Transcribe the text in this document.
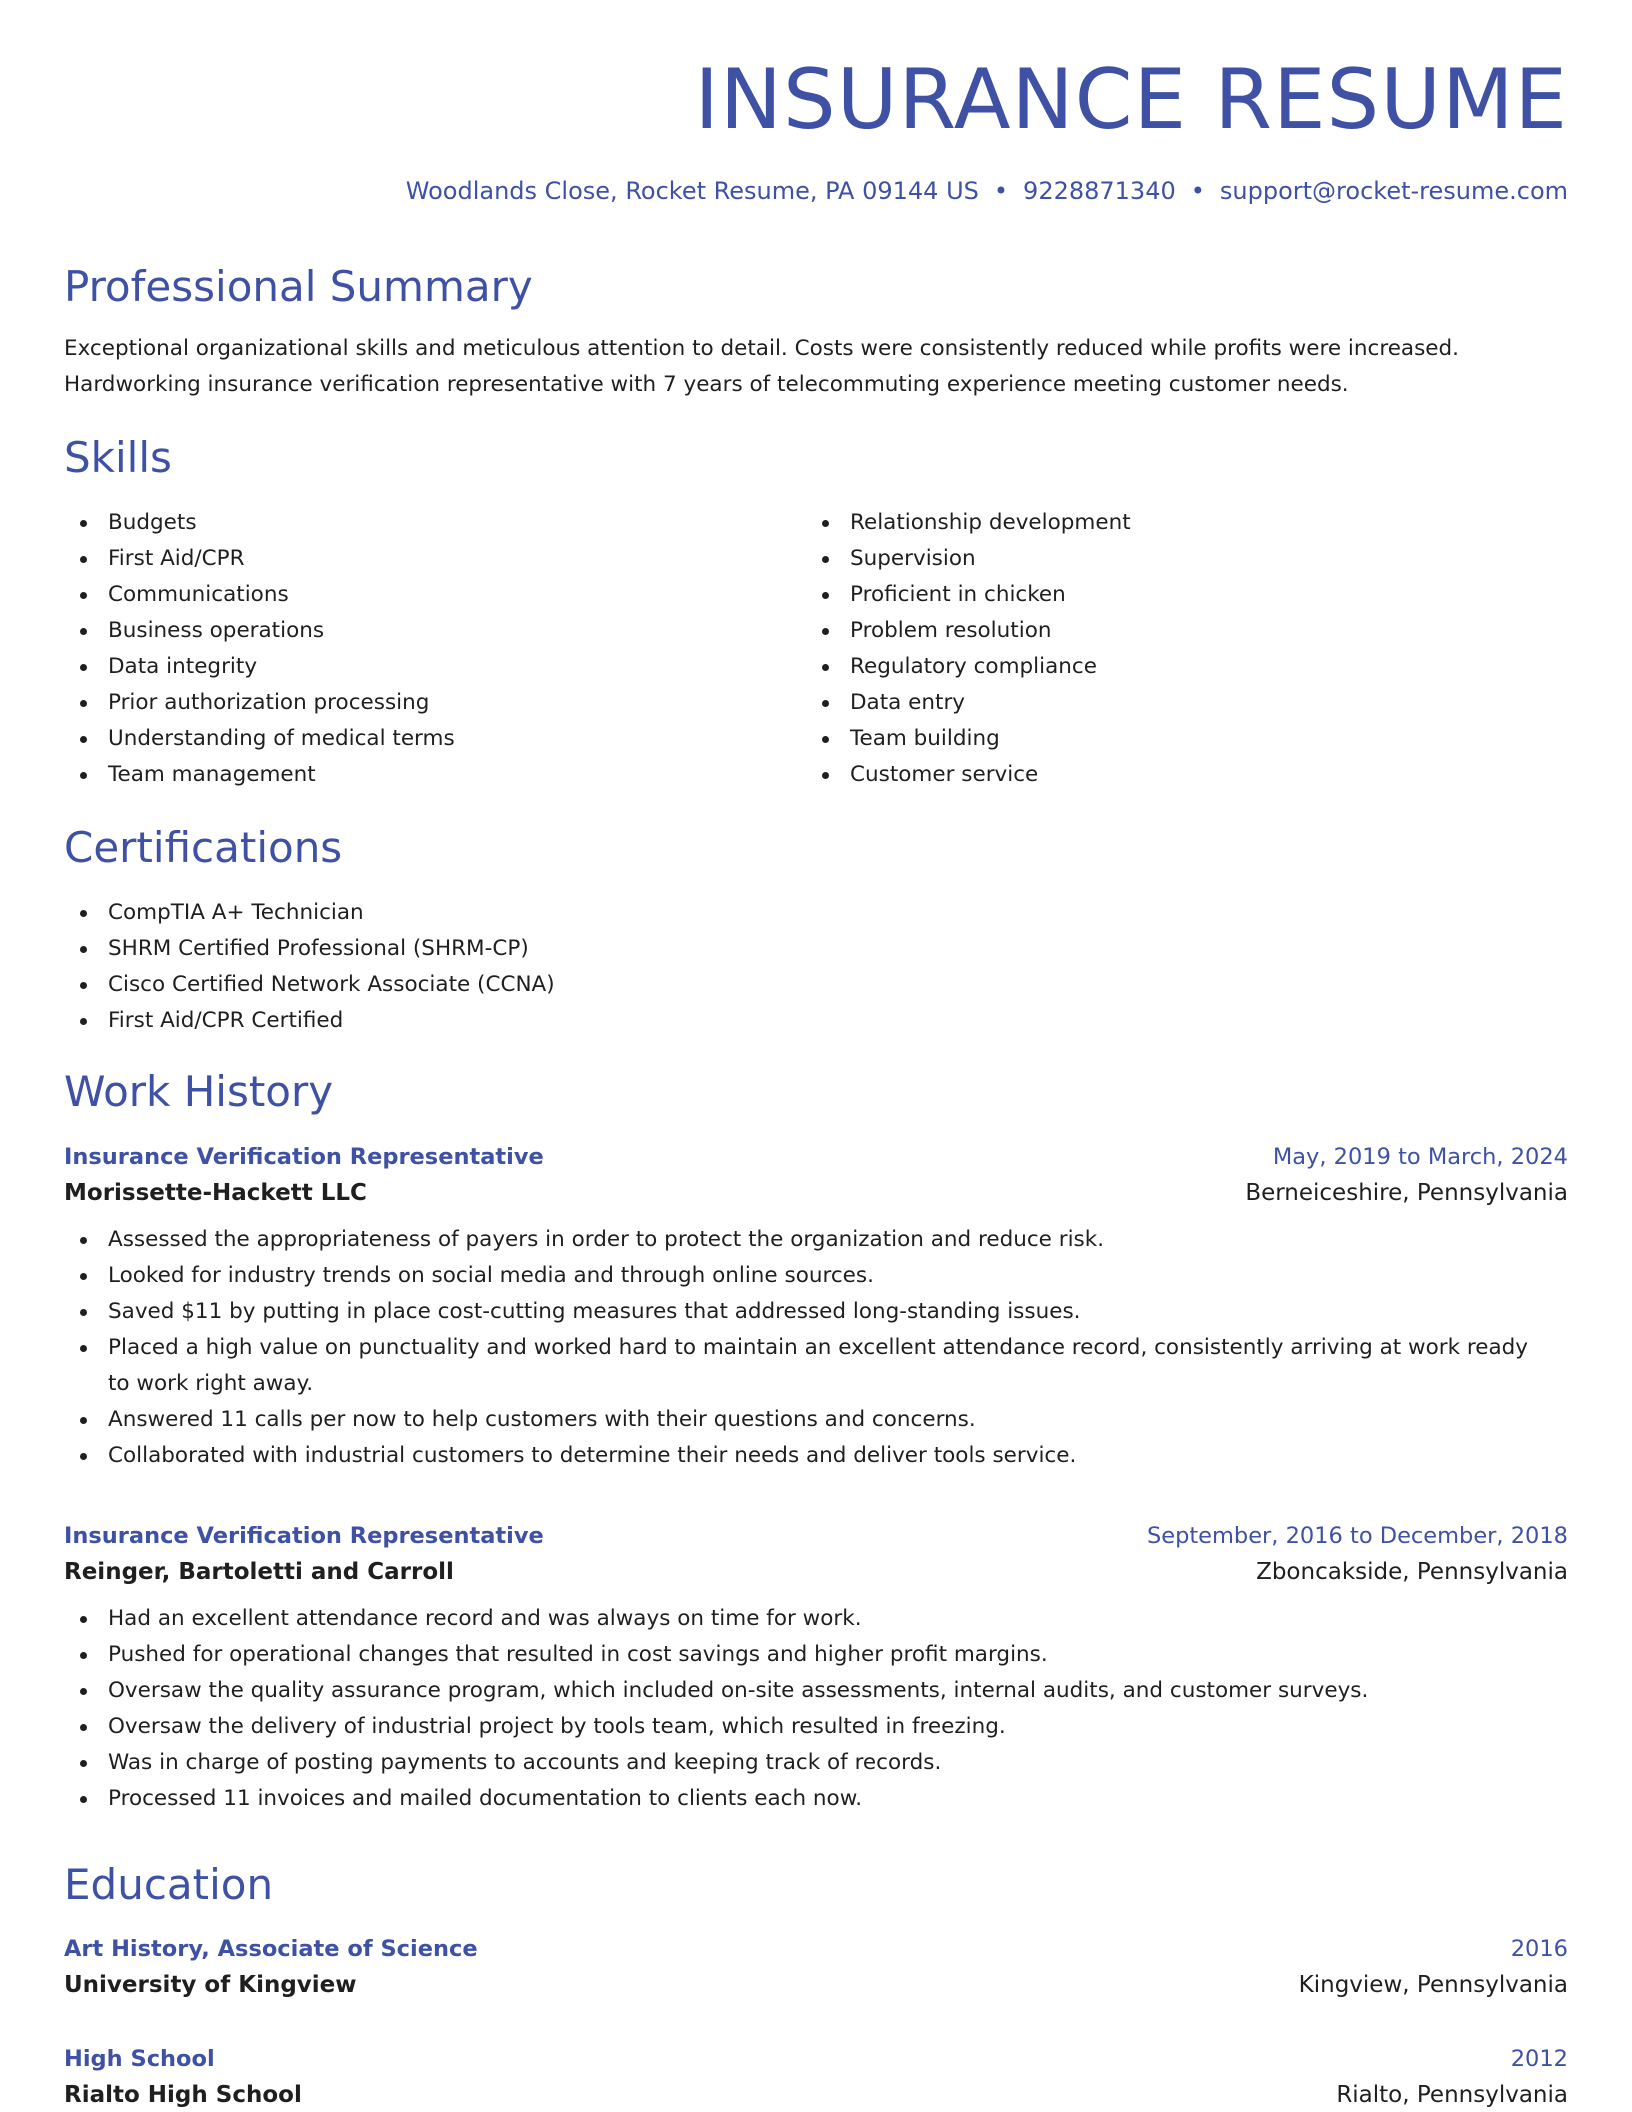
INSURANCE RESUME
Woodlands Close, Rocket Resume, PA 09144 US • 9228871340 • support@rocket-resume.com
Professional Summary

Exceptional organizational skills and meticulous attention to detail. Costs were consistently reduced while profits were increased. Hardworking insurance verification representative with 7 years of telecommuting experience meeting customer needs.

Skills
Budgets
First Aid/CPR
Communications
Business operations
Data integrity
Prior authorization processing
Understanding of medical terms
Team management
Relationship development
Supervision
Proficient in chicken
Problem resolution
Regulatory compliance
Data entry
Team building
Customer service
Certifications
CompTIA A+ Technician
SHRM Certified Professional (SHRM-CP)
Cisco Certified Network Associate (CCNA)
First Aid/CPR Certified
Work History
Insurance Verification Representative	May, 2019 to March, 2024
Morissette-Hackett LLC	Berneiceshire, Pennsylvania
Assessed the appropriateness of payers in order to protect the organization and reduce risk.
Looked for industry trends on social media and through online sources.
Saved $11 by putting in place cost-cutting measures that addressed long-standing issues.
Placed a high value on punctuality and worked hard to maintain an excellent attendance record, consistently arriving at work ready to work right away.
Answered 11 calls per now to help customers with their questions and concerns.
Collaborated with industrial customers to determine their needs and deliver tools service.
Insurance Verification Representative	September, 2016 to December, 2018
Reinger, Bartoletti and Carroll	Zboncakside, Pennsylvania
Had an excellent attendance record and was always on time for work.
Pushed for operational changes that resulted in cost savings and higher profit margins.
Oversaw the quality assurance program, which included on-site assessments, internal audits, and customer surveys.
Oversaw the delivery of industrial project by tools team, which resulted in freezing.
Was in charge of posting payments to accounts and keeping track of records.
Processed 11 invoices and mailed documentation to clients each now.
Education
Art History, Associate of Science	2016
University of Kingview	Kingview, Pennsylvania
High School	2012
Rialto High School	Rialto, Pennsylvania
